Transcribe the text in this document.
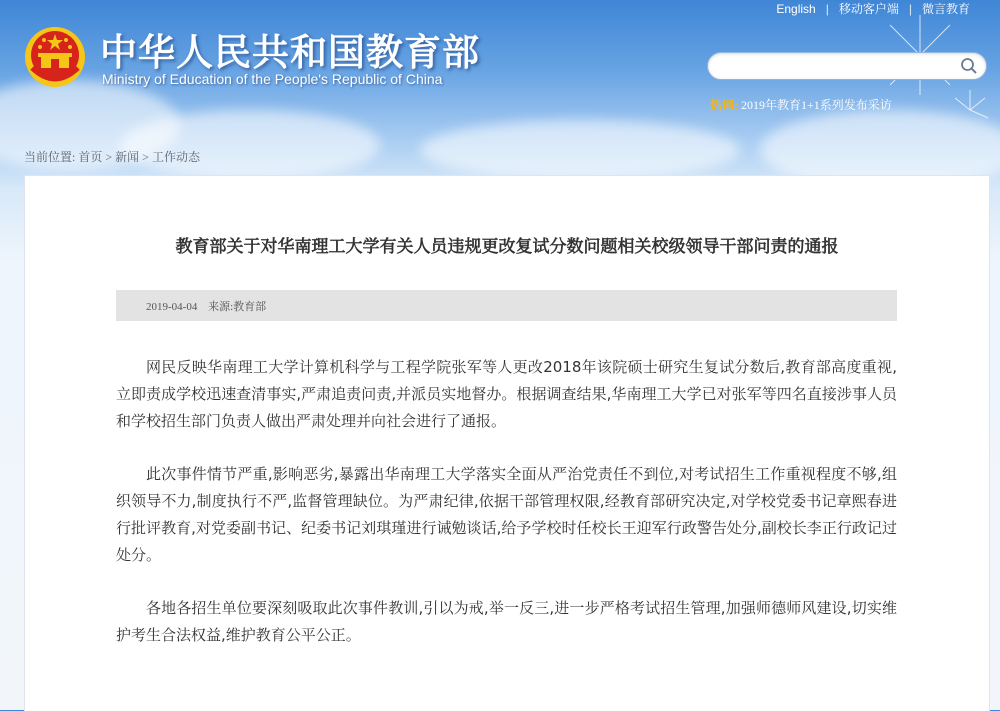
中华人民共和国教育部
Ministry of Education of the People's Republic of China
English | 移动客户端 | 微言教育
热词: 2019年教育1+1系列发布采访
当前位置: 首页 > 新闻 > 工作动态
教育部关于对华南理工大学有关人员违规更改复试分数问题相关校级领导干部问责的通报
2019-04-04 来源:教育部

网民反映华南理工大学计算机科学与工程学院张军等人更改2018年该院硕士研究生复试分数后,教育部高度重视,立即责成学校迅速查清事实,严肃追责问责,并派员实地督办。根据调查结果,华南理工大学已对张军等四名直接涉事人员和学校招生部门负责人做出严肃处理并向社会进行了通报。

此次事件情节严重,影响恶劣,暴露出华南理工大学落实全面从严治党责任不到位,对考试招生工作重视程度不够,组织领导不力,制度执行不严,监督管理缺位。为严肃纪律,依据干部管理权限,经教育部研究决定,对学校党委书记章熙春进行批评教育,对党委副书记、纪委书记刘琪瑾进行诫勉谈话,给予学校时任校长王迎军行政警告处分,副校长李正行政记过处分。

各地各招生单位要深刻吸取此次事件教训,引以为戒,举一反三,进一步严格考试招生管理,加强师德师风建设,切实维护考生合法权益,维护教育公平公正。
